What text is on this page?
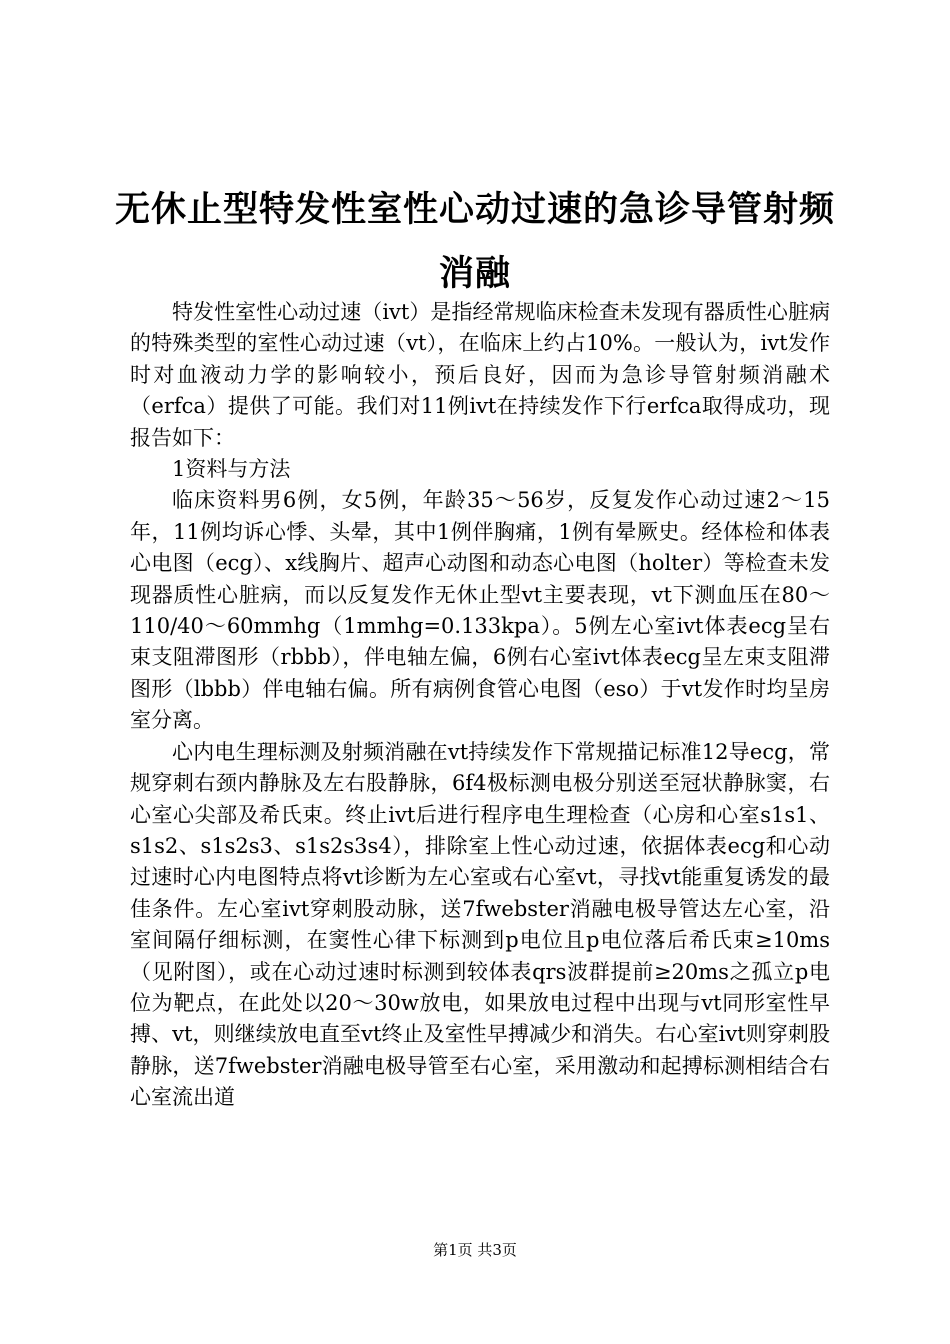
无休止型特发性室性心动过速的急诊导管射频消融

特发性室性心动过速（ivt）是指经常规临床检查未发现有器质性心脏病的特殊类型的室性心动过速（vt），在临床上约占10%。一般认为，ivt发作时对血液动力学的影响较小，预后良好，因而为急诊导管射频消融术（erfca）提供了可能。我们对11例ivt在持续发作下行erfca取得成功，现报告如下：

1资料与方法

临床资料男6例，女5例，年龄35～56岁，反复发作心动过速2～15年，11例均诉心悸、头晕，其中1例伴胸痛，1例有晕厥史。经体检和体表心电图（ecg）、x线胸片、超声心动图和动态心电图（holter）等检查未发现器质性心脏病，而以反复发作无休止型vt主要表现，vt下测血压在80～110/40～60mmhg（1mmhg=0.133kpa）。5例左心室ivt体表ecg呈右束支阻滞图形（rbbb），伴电轴左偏，6例右心室ivt体表ecg呈左束支阻滞图形（lbbb）伴电轴右偏。所有病例食管心电图（eso）于vt发作时均呈房室分离。

心内电生理标测及射频消融在vt持续发作下常规描记标准12导ecg，常规穿刺右颈内静脉及左右股静脉，6f4极标测电极分别送至冠状静脉窦，右心室心尖部及希氏束。终止ivt后进行程序电生理检查（心房和心室s1s1、s1s2、s1s2s3、s1s2s3s4），排除室上性心动过速，依据体表ecg和心动过速时心内电图特点将vt诊断为左心室或右心室vt，寻找vt能重复诱发的最佳条件。左心室ivt穿刺股动脉，送7fwebster消融电极导管达左心室，沿室间隔仔细标测，在窦性心律下标测到p电位且p电位落后希氏束≥10ms（见附图），或在心动过速时标测到较体表qrs波群提前≥20ms之孤立p电位为靶点，在此处以20～30w放电，如果放电过程中出现与vt同形室性早搏、vt，则继续放电直至vt终止及室性早搏减少和消失。右心室ivt则穿刺股静脉，送7fwebster消融电极导管至右心室，采用激动和起搏标测相结合右心室流出道

第1页 共3页
